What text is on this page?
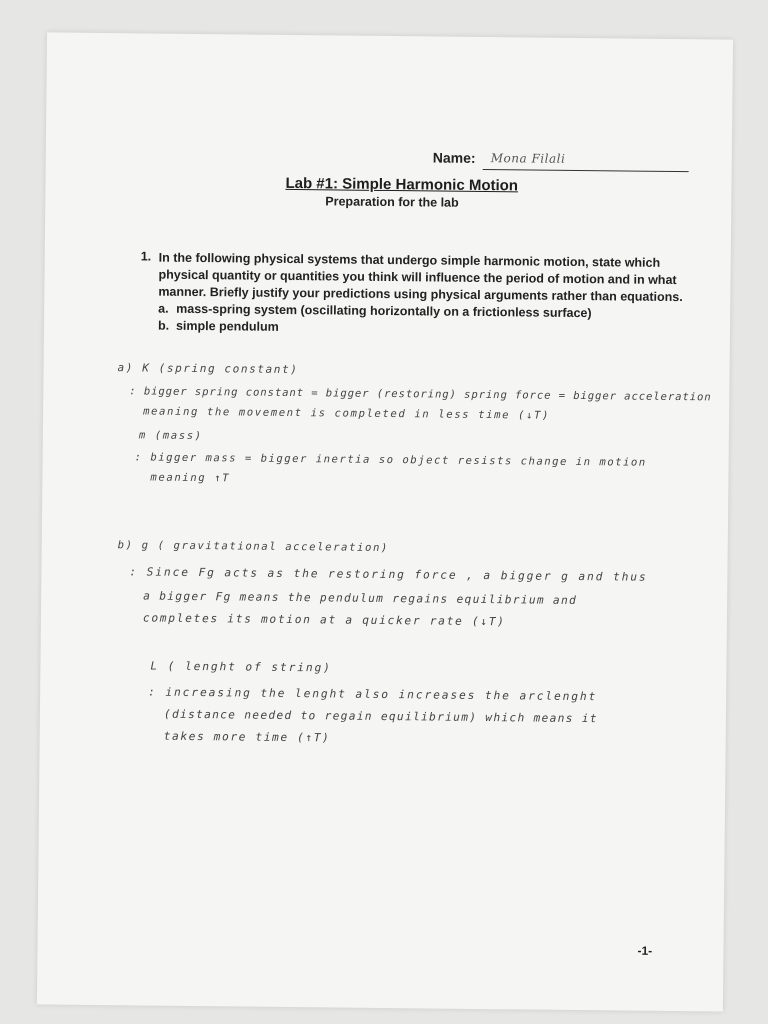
Name: Mona Filali
Lab #1: Simple Harmonic Motion
Preparation for the lab
1. In the following physical systems that undergo simple harmonic motion, state which physical quantity or quantities you think will influence the period of motion and in what manner. Briefly justify your predictions using physical arguments rather than equations.
a. mass-spring system (oscillating horizontally on a frictionless surface)
b. simple pendulum
a) K (spring constant)
: bigger spring constant = bigger (restoring) spring force = bigger acceleration
meaning the movement is completed in less time (↓T)
m (mass)
: bigger mass = bigger inertia so object resists change in motion
meaning ↑T
b) g ( gravitational acceleration)
: Since Fg acts as the restoring force , a bigger g and thus
a bigger Fg means the pendulum regains equilibrium and
completes its motion at a quicker rate (↓T)
L ( lenght of string)
: increasing the lenght also increases the arclenght
(distance needed to regain equilibrium) which means it
takes more time (↑T)
-1-
